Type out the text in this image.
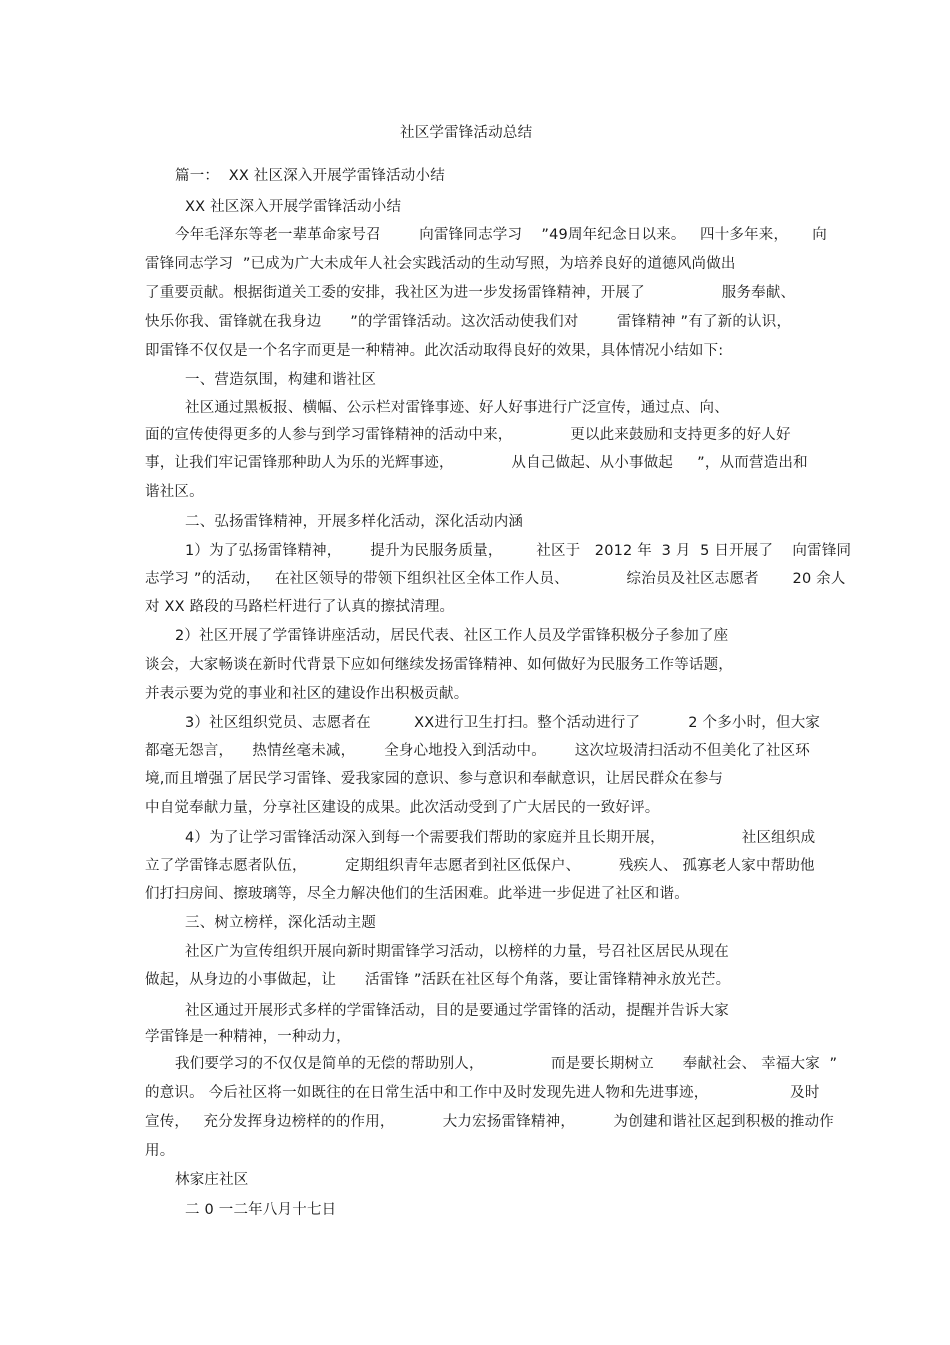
社区学雷锋活动总结
篇一：  XX 社区深入开展学雷锋活动小结
XX 社区深入开展学雷锋活动小结
今年毛泽东等老一辈革命家号召        向雷锋同志学习    ”49周年纪念日以来。   四十多年来，     向
雷锋同志学习  ”已成为广大未成年人社会实践活动的生动写照，为培养良好的道德风尚做出
了重要贡献。根据街道关工委的安排，我社区为进一步发扬雷锋精神，开展了                服务奉献、
快乐你我、雷锋就在我身边      ”的学雷锋活动。这次活动使我们对        雷锋精神 ”有了新的认识，
即雷锋不仅仅是一个名字而更是一种精神。此次活动取得良好的效果，具体情况小结如下:
一、营造氛围，构建和谐社区
社区通过黑板报、横幅、公示栏对雷锋事迹、好人好事进行广泛宣传，通过点、向、
面的宣传使得更多的人参与到学习雷锋精神的活动中来，            更以此来鼓励和支持更多的好人好
事，让我们牢记雷锋那种助人为乐的光辉事迹，            从自己做起、从小事做起     ”，从而营造出和
谐社区。
二、弘扬雷锋精神，开展多样化活动，深化活动内涵
1）为了弘扬雷锋精神，      提升为民服务质量，       社区于   2012 年  3 月  5 日开展了    向雷锋同
志学习 ”的活动，   在社区领导的带领下组织社区全体工作人员、            综治员及社区志愿者       20 余人
对 XX 路段的马路栏杆进行了认真的擦拭清理。
2）社区开展了学雷锋讲座活动，居民代表、社区工作人员及学雷锋积极分子参加了座
谈会，大家畅谈在新时代背景下应如何继续发扬雷锋精神、如何做好为民服务工作等话题，
并表示要为党的事业和社区的建设作出积极贡献。
3）社区组织党员、志愿者在         XX进行卫生打扫。整个活动进行了          2 个多小时，但大家
都毫无怨言，    热情丝毫未减，      全身心地投入到活动中。      这次垃圾清扫活动不但美化了社区环
境,而且增强了居民学习雷锋、爱我家园的意识、参与意识和奉献意识，让居民群众在参与
中自觉奉献力量，分享社区建设的成果。此次活动受到了广大居民的一致好评。
4）为了让学习雷锋活动深入到每一个需要我们帮助的家庭并且长期开展，                社区组织成
立了学雷锋志愿者队伍，        定期组织青年志愿者到社区低保户、        残疾人、 孤寡老人家中帮助他
们打扫房间、擦玻璃等，尽全力解决他们的生活困难。此举进一步促进了社区和谐。
三、树立榜样，深化活动主题
社区广为宣传组织开展向新时期雷锋学习活动，以榜样的力量，号召社区居民从现在
做起，从身边的小事做起，让      活雷锋 ”活跃在社区每个角落，要让雷锋精神永放光芒。
社区通过开展形式多样的学雷锋活动，目的是要通过学雷锋的活动，提醒并告诉大家
学雷锋是一种精神，一种动力，
我们要学习的不仅仅是简单的无偿的帮助别人，              而是要长期树立      奉献社会、 幸福大家  ”
的意识。 今后社区将一如既往的在日常生活中和工作中及时发现先进人物和先进事迹，                 及时
宣传，   充分发挥身边榜样的的作用，          大力宏扬雷锋精神，        为创建和谐社区起到积极的推动作
用。
林家庄社区
二 0 一二年八月十七日
